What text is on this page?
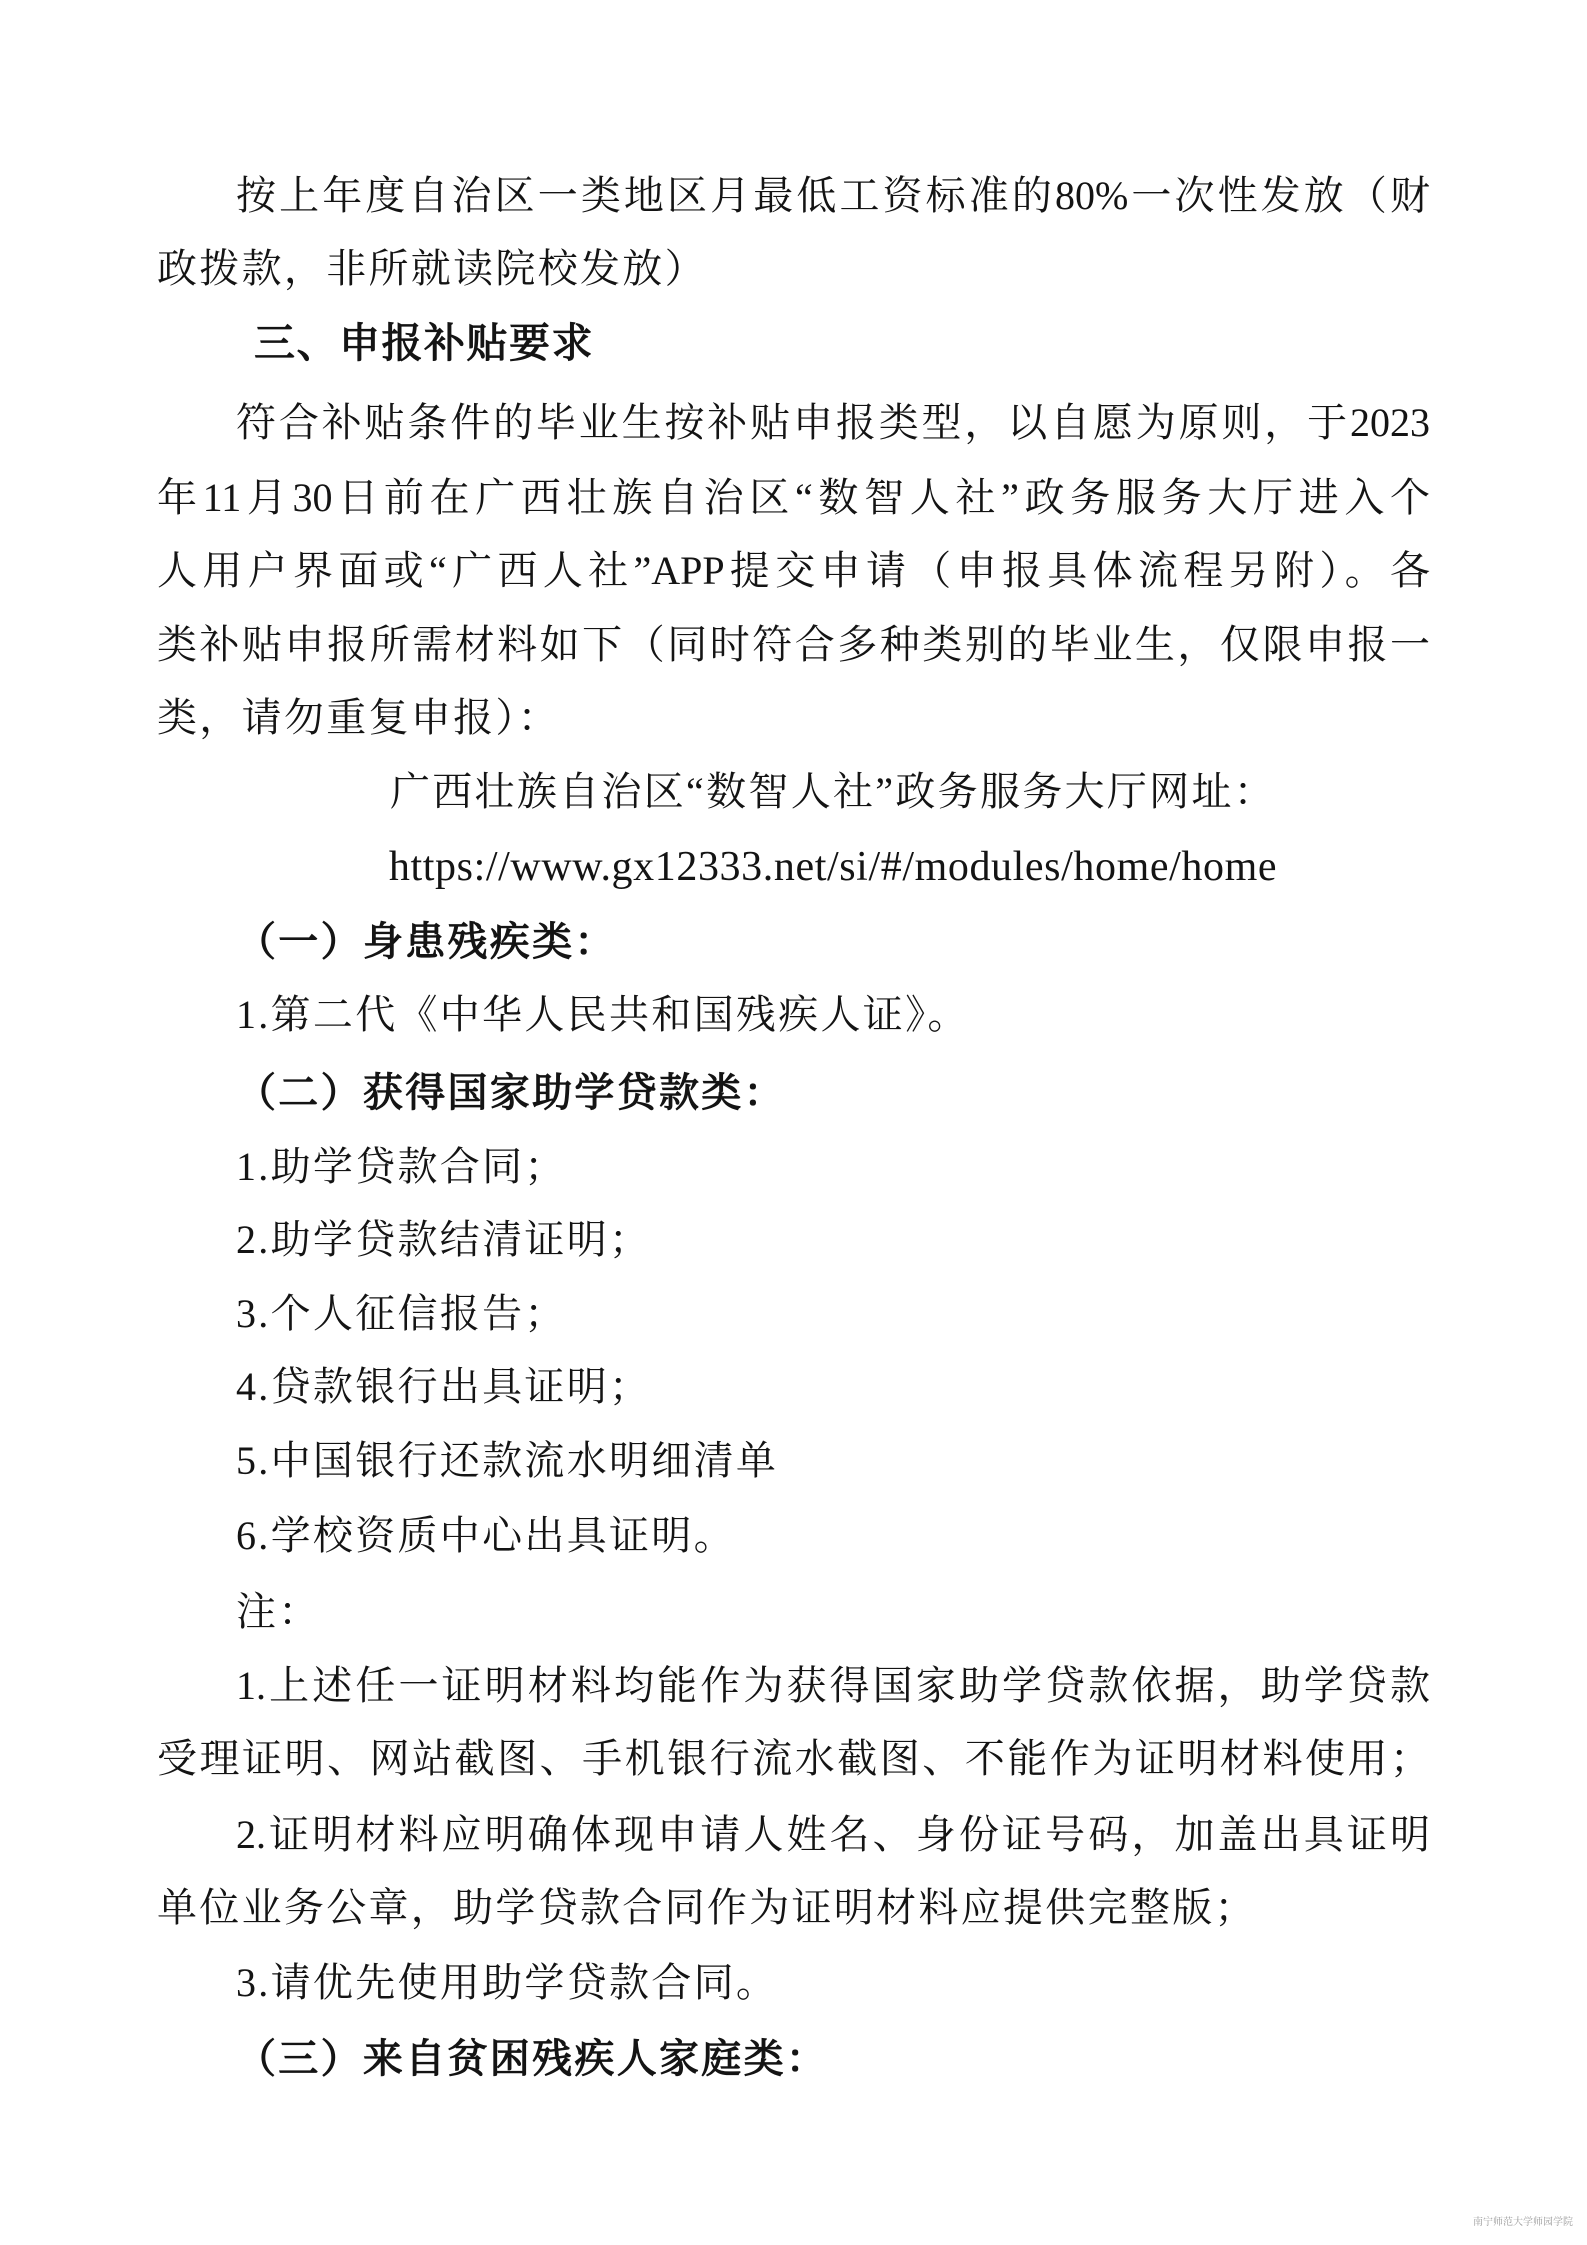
按上年度自治区一类地区月最低工资标准的80%一次性发放（财
政拨款，非所就读院校发放）
三、申报补贴要求
符合补贴条件的毕业生按补贴申报类型，以自愿为原则，于2023
年11月30日前在广西壮族自治区“数智人社”政务服务大厅进入个
人用户界面或“广西人社”APP提交申请（申报具体流程另附）。各
类补贴申报所需材料如下（同时符合多种类别的毕业生，仅限申报一
类，请勿重复申报）：
广西壮族自治区“数智人社”政务服务大厅网址：
https://www.gx12333.net/si/#/modules/home/home
（一）身患残疾类：
1.第二代《中华人民共和国残疾人证》。
（二）获得国家助学贷款类：
1.助学贷款合同；
2.助学贷款结清证明；
3.个人征信报告；
4.贷款银行出具证明；
5.中国银行还款流水明细清单
6.学校资质中心出具证明。
注：
1.上述任一证明材料均能作为获得国家助学贷款依据，助学贷款
受理证明、网站截图、手机银行流水截图、不能作为证明材料使用；
2.证明材料应明确体现申请人姓名、身份证号码，加盖出具证明
单位业务公章，助学贷款合同作为证明材料应提供完整版；
3.请优先使用助学贷款合同。
（三）来自贫困残疾人家庭类：
南宁师范大学师园学院
